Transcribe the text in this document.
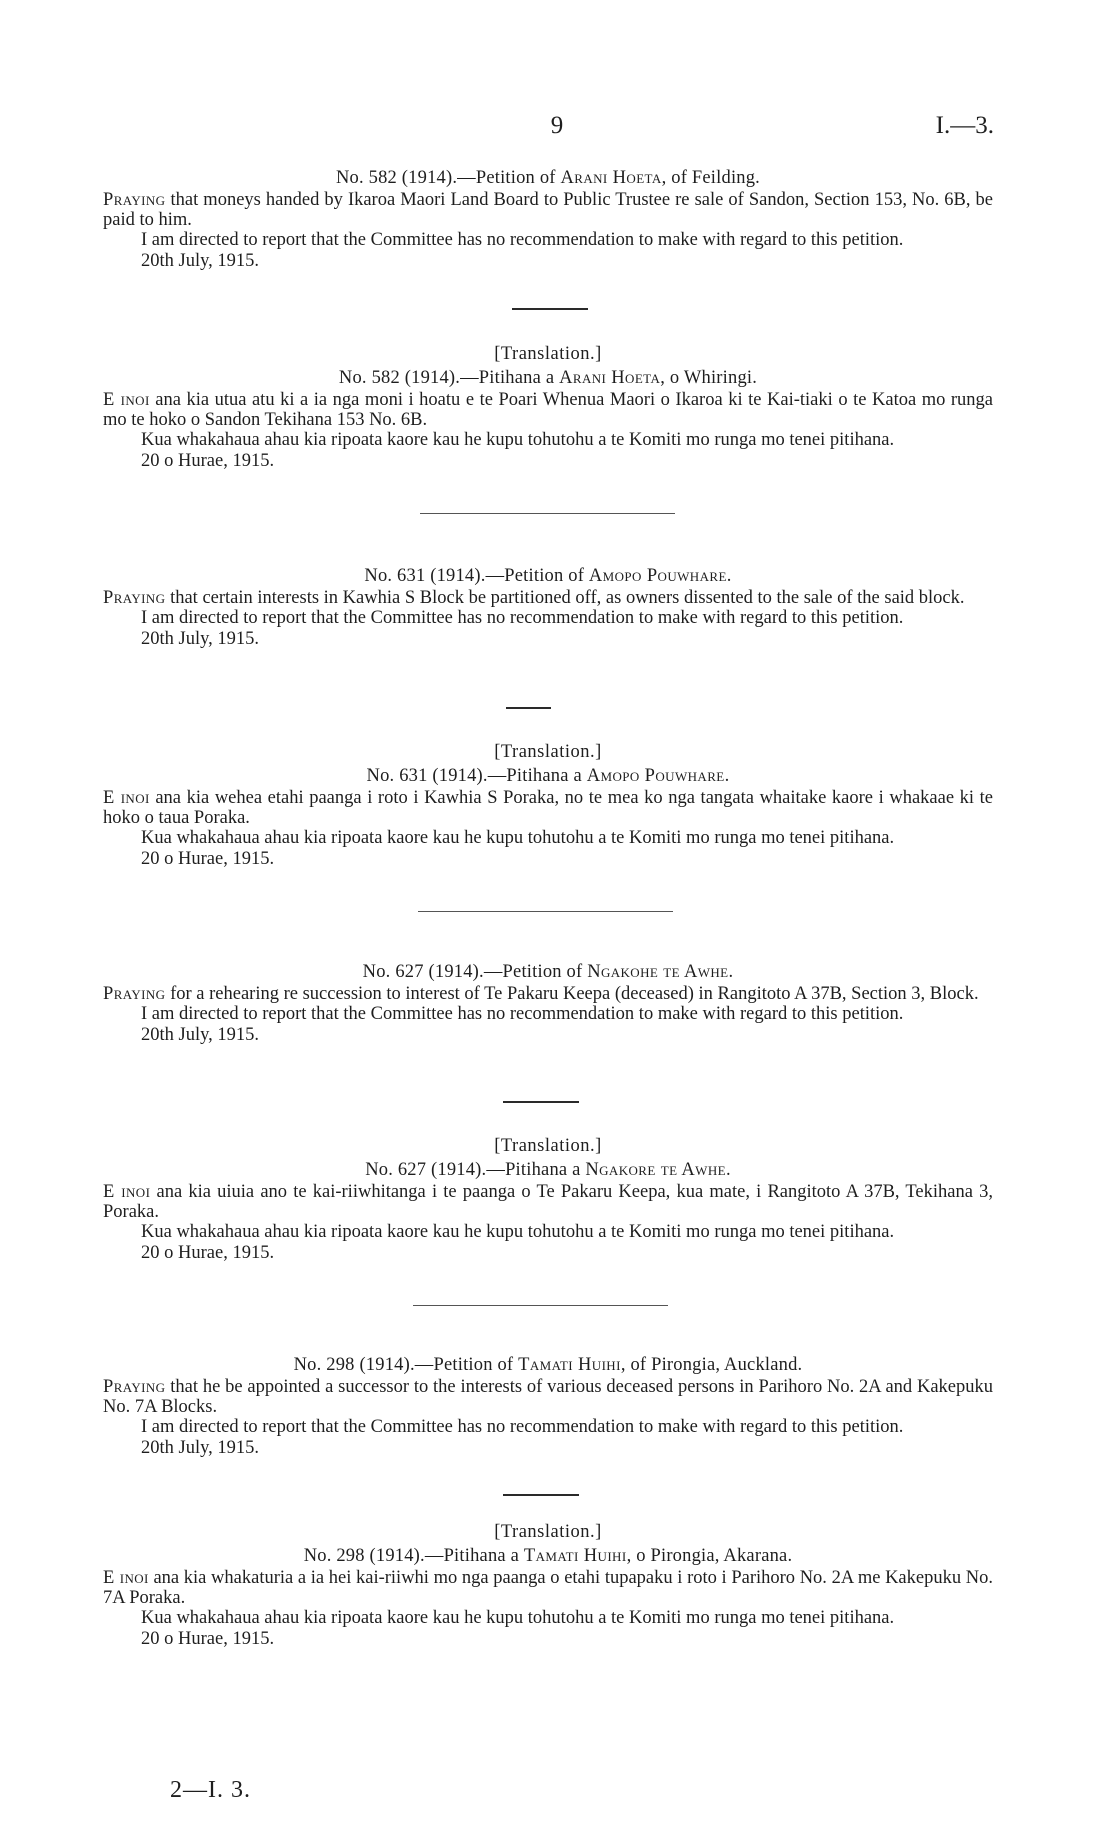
9	I.—3.
No. 582 (1914).—Petition of Arani Hoeta, of Feilding.

Praying that moneys handed by Ikaroa Maori Land Board to Public Trustee re sale of Sandon, Section 153, No. 6B, be paid to him.

I am directed to report that the Committee has no recommendation to make with regard to this petition.

20th July, 1915.
[Translation.]
No. 582 (1914).—Pitihana a Arani Hoeta, o Whiringi.

E inoi ana kia utua atu ki a ia nga moni i hoatu e te Poari Whenua Maori o Ikaroa ki te Kai-tiaki o te Katoa mo runga mo te hoko o Sandon Tekihana 153 No. 6B.

Kua whakahaua ahau kia ripoata kaore kau he kupu tohutohu a te Komiti mo runga mo tenei pitihana.

20 o Hurae, 1915.
No. 631 (1914).—Petition of Amopo Pouwhare.

Praying that certain interests in Kawhia S Block be partitioned off, as owners dissented to the sale of the said block.

I am directed to report that the Committee has no recommendation to make with regard to this petition.

20th July, 1915.
[Translation.]
No. 631 (1914).—Pitihana a Amopo Pouwhare.

E inoi ana kia wehea etahi paanga i roto i Kawhia S Poraka, no te mea ko nga tangata whaitake kaore i whakaae ki te hoko o taua Poraka.

Kua whakahaua ahau kia ripoata kaore kau he kupu tohutohu a te Komiti mo runga mo tenei pitihana.

20 o Hurae, 1915.
No. 627 (1914).—Petition of Ngakohe te Awhe.

Praying for a rehearing re succession to interest of Te Pakaru Keepa (deceased) in Rangitoto A 37B, Section 3, Block.

I am directed to report that the Committee has no recommendation to make with regard to this petition.

20th July, 1915.
[Translation.]
No. 627 (1914).—Pitihana a Ngakore te Awhe.

E inoi ana kia uiuia ano te kai-riiwhitanga i te paanga o Te Pakaru Keepa, kua mate, i Rangitoto A 37B, Tekihana 3, Poraka.

Kua whakahaua ahau kia ripoata kaore kau he kupu tohutohu a te Komiti mo runga mo tenei pitihana.

20 o Hurae, 1915.
No. 298 (1914).—Petition of Tamati Huihi, of Pirongia, Auckland.

Praying that he be appointed a successor to the interests of various deceased persons in Parihoro No. 2A and Kakepuku No. 7A Blocks.

I am directed to report that the Committee has no recommendation to make with regard to this petition.

20th July, 1915.
[Translation.]
No. 298 (1914).—Pitihana a Tamati Huihi, o Pirongia, Akarana.

E inoi ana kia whakaturia a ia hei kai-riiwhi mo nga paanga o etahi tupapaku i roto i Parihoro No. 2A me Kakepuku No. 7A Poraka.

Kua whakahaua ahau kia ripoata kaore kau he kupu tohutohu a te Komiti mo runga mo tenei pitihana.

20 o Hurae, 1915.
2—I. 3.
